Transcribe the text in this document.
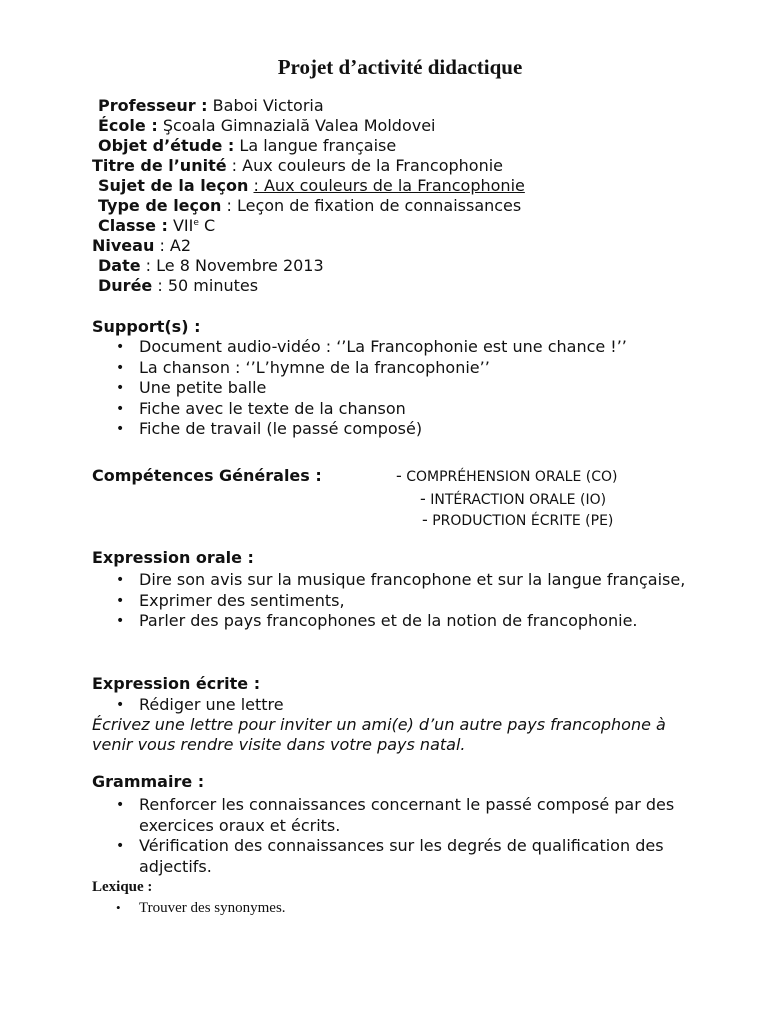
Projet d’activité didactique
Professeur : Baboi Victoria
École : Şcoala Gimnazială Valea Moldovei
Objet d’étude : La langue française
Titre de l’unité : Aux couleurs de la Francophonie
Sujet de la leçon : Aux couleurs de la Francophonie
Type de leçon : Leçon de fixation de connaissances
Classe : VIIe C
Niveau : A2
Date : Le 8 Novembre 2013
Durée : 50 minutes
Support(s) :
• Document audio-vidéo : ‘’La Francophonie est une chance !’’
• La chanson : ‘’L’hymne de la francophonie’’
• Une petite balle
• Fiche avec le texte de la chanson
• Fiche de travail (le passé composé)
Compétences Générales :	- COMPRÉHENSION ORALE (CO)
- INTÉRACTION ORALE (IO)
- PRODUCTION ÉCRITE (PE)
Expression orale :
• Dire son avis sur la musique francophone et sur la langue française,
• Exprimer des sentiments,
• Parler des pays francophones et de la notion de francophonie.
Expression écrite :
• Rédiger une lettre
Écrivez une lettre pour inviter un ami(e) d’un autre pays francophone à venir vous rendre visite dans votre pays natal.
Grammaire :
• Renforcer les connaissances concernant le passé composé par des exercices oraux et écrits.
• Vérification des connaissances sur les degrés de qualification des adjectifs.
Lexique :
• Trouver des synonymes.
